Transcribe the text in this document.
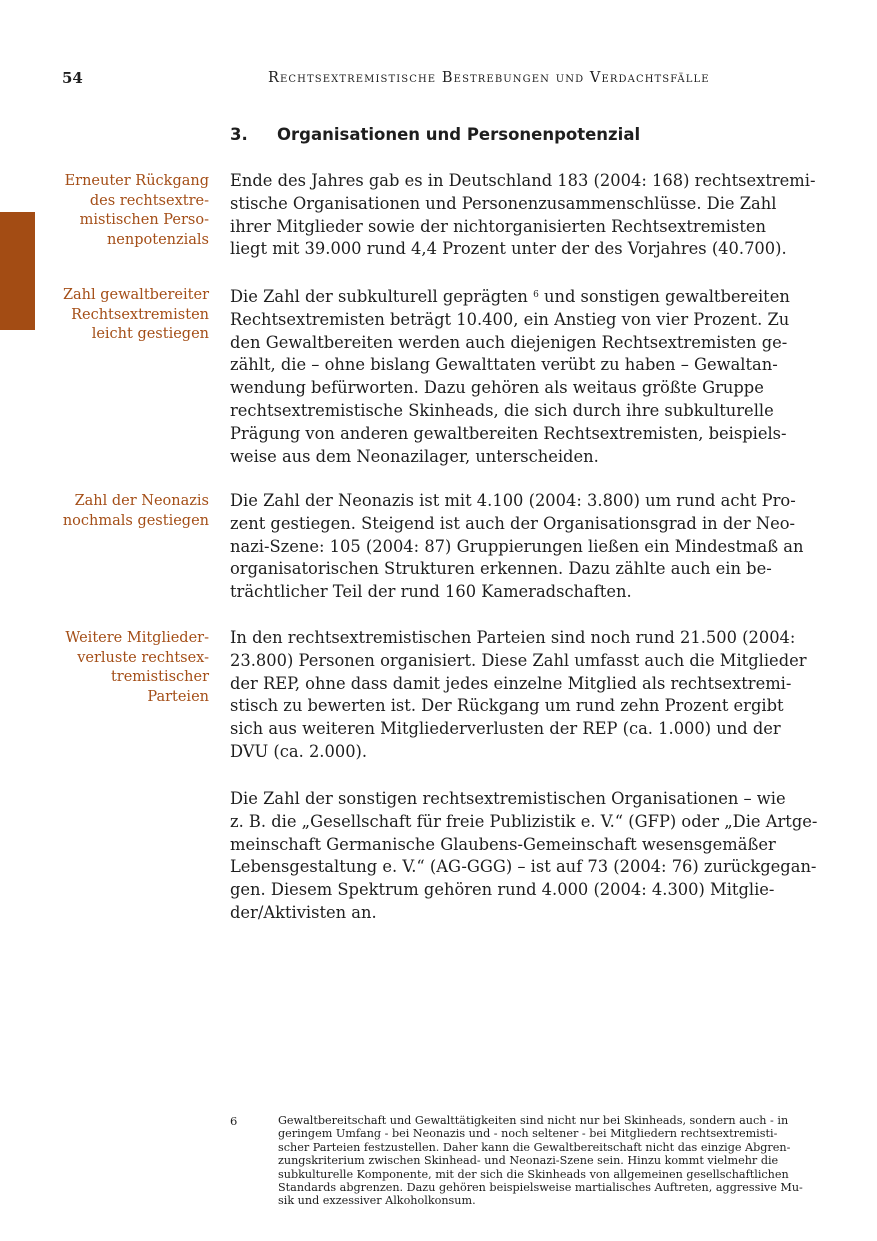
54	Rechtsextremistische Bestrebungen und Verdachtsfälle
3. Organisationen und Personenpotenzial
Erneuter Rückgang
des rechtsextre-
mistischen Perso-
nenpotenzials
Zahl gewaltbereiter
Rechtsextremisten
leicht gestiegen
Zahl der Neonazis
nochmals gestiegen
Weitere Mitglieder-
verluste rechtsex-
tremistischer
Parteien
Ende des Jahres gab es in Deutschland 183 (2004: 168) rechtsextremi-
stische Organisationen und Personenzusammenschlüsse. Die Zahl
ihrer Mitglieder sowie der nichtorganisierten Rechtsextremisten
liegt mit 39.000 rund 4,4 Prozent unter der des Vorjahres (40.700).
Die Zahl der subkulturell geprägten $^6$ und sonstigen gewaltbereiten
Rechtsextremisten beträgt 10.400, ein Anstieg von vier Prozent. Zu
den Gewaltbereiten werden auch diejenigen Rechtsextremisten ge-
zählt, die – ohne bislang Gewalttaten verübt zu haben – Gewaltan-
wendung befürworten. Dazu gehören als weitaus größte Gruppe
rechtsextremistische Skinheads, die sich durch ihre subkulturelle
Prägung von anderen gewaltbereiten Rechtsextremisten, beispiels-
weise aus dem Neonazilager, unterscheiden.
Die Zahl der Neonazis ist mit 4.100 (2004: 3.800) um rund acht Pro-
zent gestiegen. Steigend ist auch der Organisationsgrad in der Neo-
nazi-Szene: 105 (2004: 87) Gruppierungen ließen ein Mindestmaß an
organisatorischen Strukturen erkennen. Dazu zählte auch ein be-
trächtlicher Teil der rund 160 Kameradschaften.
In den rechtsextremistischen Parteien sind noch rund 21.500 (2004:
23.800) Personen organisiert. Diese Zahl umfasst auch die Mitglieder
der REP, ohne dass damit jedes einzelne Mitglied als rechtsextremi-
stisch zu bewerten ist. Der Rückgang um rund zehn Prozent ergibt
sich aus weiteren Mitgliederverlusten der REP (ca. 1.000) und der
DVU (ca. 2.000).
Die Zahl der sonstigen rechtsextremistischen Organisationen – wie
z. B. die „Gesellschaft für freie Publizistik e. V.“ (GFP) oder „Die Artge-
meinschaft Germanische Glaubens-Gemeinschaft wesensgemäßer
Lebensgestaltung e. V.“ (AG-GGG) – ist auf 73 (2004: 76) zurückgegan-
gen. Diesem Spektrum gehören rund 4.000 (2004: 4.300) Mitglie-
der/Aktivisten an.
6	Gewaltbereitschaft und Gewalttätigkeiten sind nicht nur bei Skinheads, sondern auch - in
geringem Umfang - bei Neonazis und - noch seltener - bei Mitgliedern rechtsextremisti-
scher Parteien festzustellen. Daher kann die Gewaltbereitschaft nicht das einzige Abgren-
zungskriterium zwischen Skinhead- und Neonazi-Szene sein. Hinzu kommt vielmehr die
subkulturelle Komponente, mit der sich die Skinheads von allgemeinen gesellschaftlichen
Standards abgrenzen. Dazu gehören beispielsweise martialisches Auftreten, aggressive Mu-
sik und exzessiver Alkoholkonsum.
